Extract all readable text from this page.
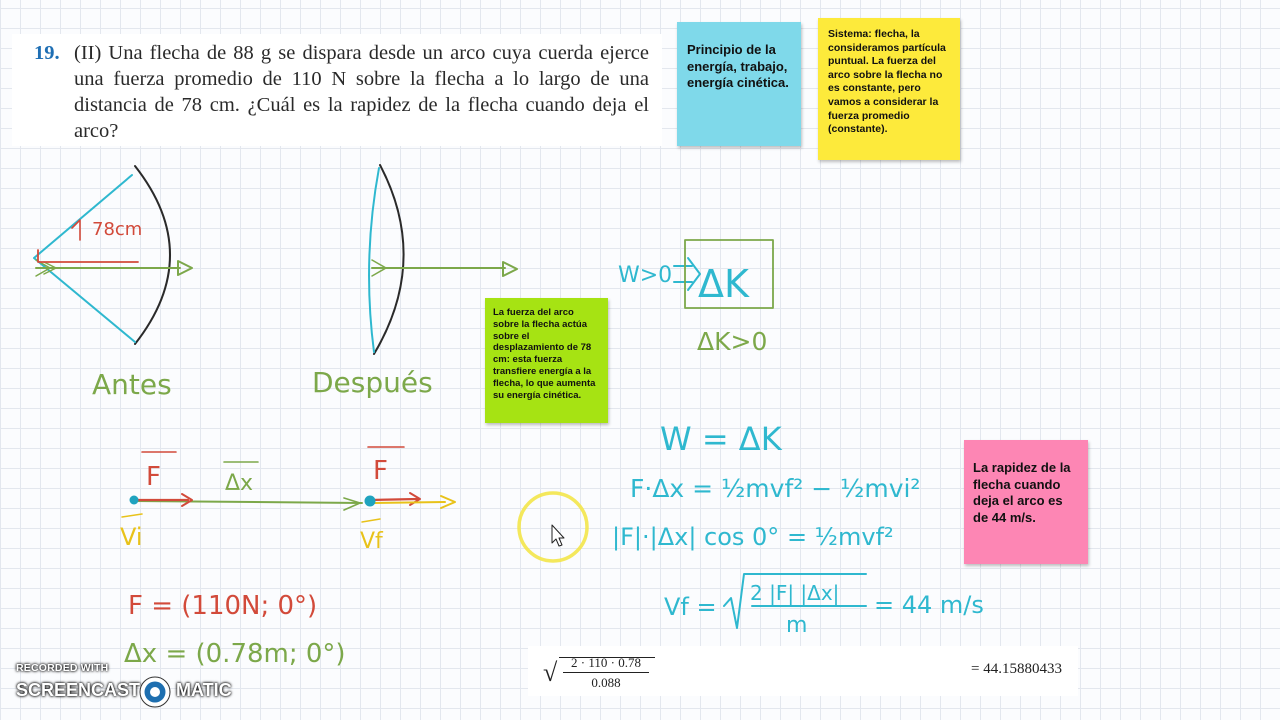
19. (II) Una flecha de 88 g se dispara desde un arco cuya cuerda ejerce una fuerza promedio de 110 N sobre la flecha a lo largo de una distancia de 78 cm. ¿Cuál es la rapidez de la flecha cuando deja el arco?
Principio de la energía, trabajo, energía cinética.
Sistema: flecha, la consideramos partícula puntual. La fuerza del arco sobre la flecha no es constante, pero vamos a considerar la fuerza promedio (constante).
La fuerza del arco sobre la flecha actúa sobre el desplazamiento de 78 cm: esta fuerza transfiere energía a la flecha, lo que aumenta su energía cinética.
La rapidez de la flecha cuando deja el arco es de 44 m/s.
78cm
Antes	Después
W>0 ΔK
ΔK>0
F	F
Δx
Vi	Vf
W = ΔK
F·Δx = ½mvf² − ½mvi²
|F|·|Δx| cos 0° = ½mvf²
Vf = 2 |F| |Δx|
m
= 44 m/s
F = (110N; 0°)
Δx = (0.78m; 0°)
√	2 · 110 · 0.78
0.088
= 44.15880433
RECORDED WITH
SCREENCAST MATIC
